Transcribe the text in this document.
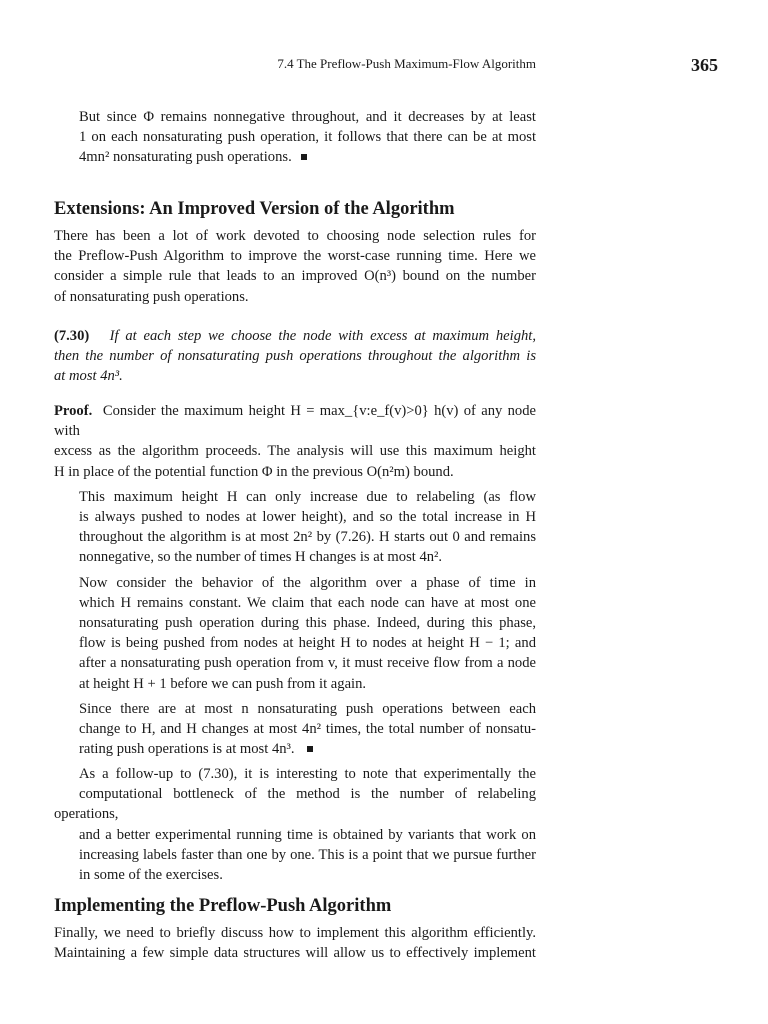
7.4 The Preflow-Push Maximum-Flow Algorithm	365

But since Φ remains nonnegative throughout, and it decreases by at least
1 on each nonsaturating push operation, it follows that there can be at most
4mn² nonsaturating push operations.

Extensions: An Improved Version of the Algorithm

There has been a lot of work devoted to choosing node selection rules for
the Preflow-Push Algorithm to improve the worst-case running time. Here we
consider a simple rule that leads to an improved O(n³) bound on the number
of nonsaturating push operations.

(7.30) If at each step we choose the node with excess at maximum height,
then the number of nonsaturating push operations throughout the algorithm is
at most 4n³.

Proof. Consider the maximum height H = max_{v:e_f(v)>0} h(v) of any node with
excess as the algorithm proceeds. The analysis will use this maximum height
H in place of the potential function Φ in the previous O(n²m) bound.

This maximum height H can only increase due to relabeling (as flow
is always pushed to nodes at lower height), and so the total increase in H
throughout the algorithm is at most 2n² by (7.26). H starts out 0 and remains
nonnegative, so the number of times H changes is at most 4n².

Now consider the behavior of the algorithm over a phase of time in
which H remains constant. We claim that each node can have at most one
nonsaturating push operation during this phase. Indeed, during this phase,
flow is being pushed from nodes at height H to nodes at height H − 1; and
after a nonsaturating push operation from v, it must receive flow from a node
at height H + 1 before we can push from it again.

Since there are at most n nonsaturating push operations between each
change to H, and H changes at most 4n² times, the total number of nonsatu-
rating push operations is at most 4n³.

As a follow-up to (7.30), it is interesting to note that experimentally the
computational bottleneck of the method is the number of relabeling operations,
and a better experimental running time is obtained by variants that work on
increasing labels faster than one by one. This is a point that we pursue further
in some of the exercises.

Implementing the Preflow-Push Algorithm

Finally, we need to briefly discuss how to implement this algorithm efficiently.
Maintaining a few simple data structures will allow us to effectively implement
